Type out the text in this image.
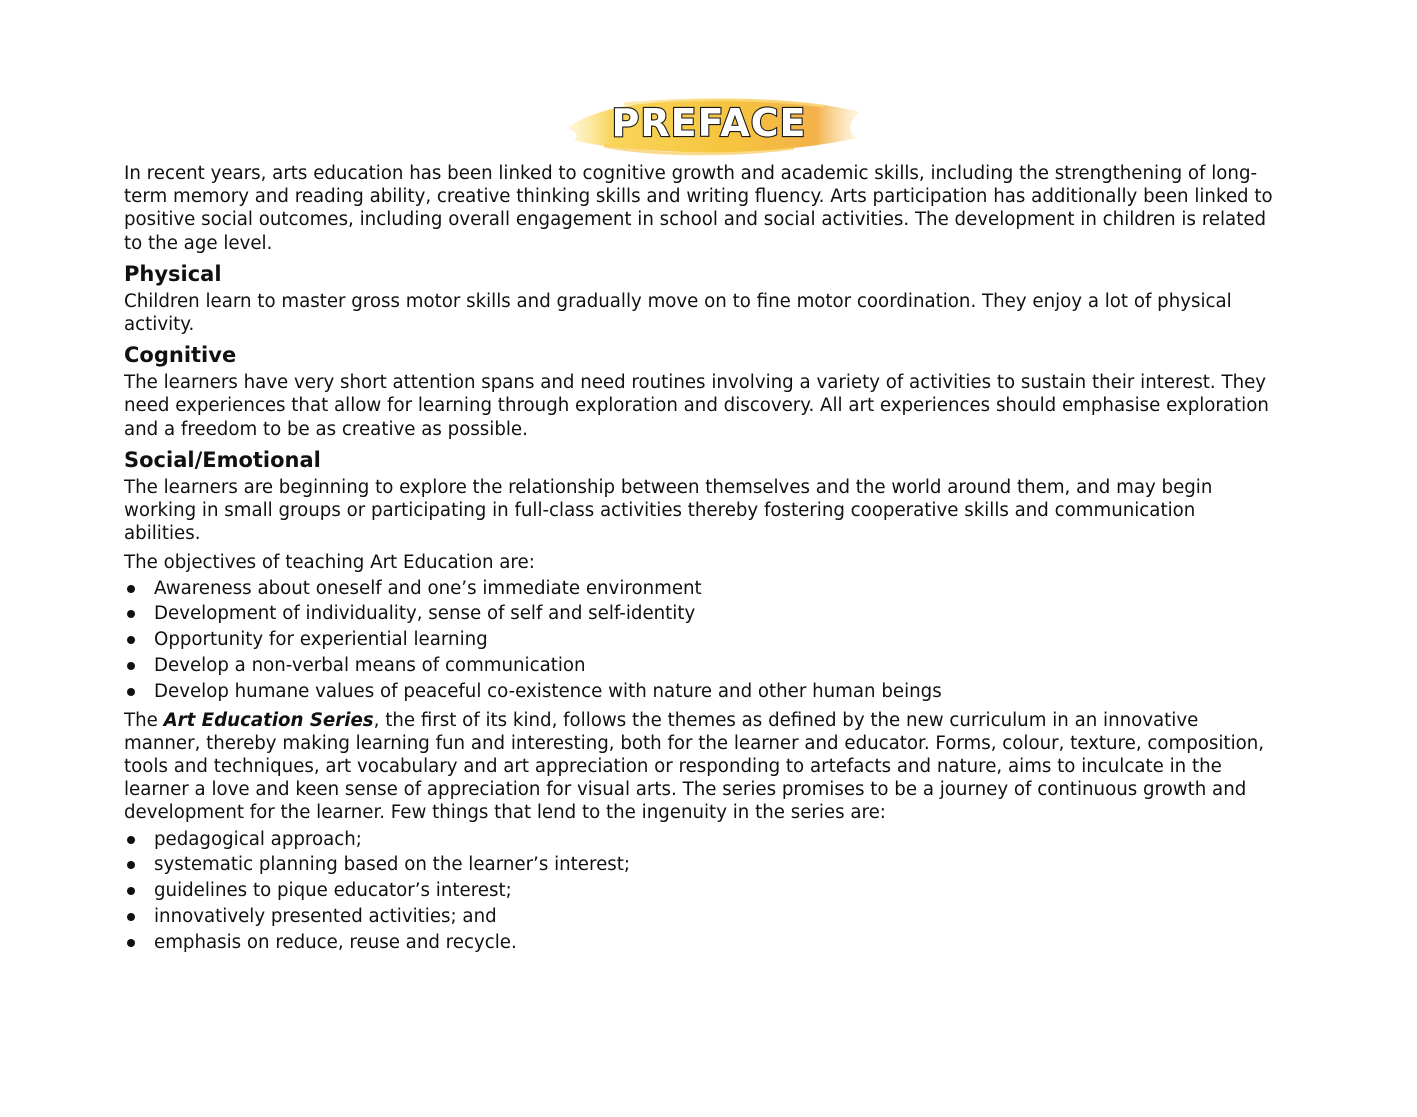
PREFACE

In recent years, arts education has been linked to cognitive growth and academic skills, including the strengthening of long-term memory and reading ability, creative thinking skills and writing fluency. Arts participation has additionally been linked to positive social outcomes, including overall engagement in school and social activities. The development in children is related to the age level.

Physical

Children learn to master gross motor skills and gradually move on to fine motor coordination. They enjoy a lot of physical activity.

Cognitive

The learners have very short attention spans and need routines involving a variety of activities to sustain their interest. They need experiences that allow for learning through exploration and discovery. All art experiences should emphasise exploration and a freedom to be as creative as possible.

Social/Emotional

The learners are beginning to explore the relationship between themselves and the world around them, and may begin working in small groups or participating in full-class activities thereby fostering cooperative skills and communication abilities.

The objectives of teaching Art Education are:

Awareness about oneself and one’s immediate environment
Development of individuality, sense of self and self-identity
Opportunity for experiential learning
Develop a non-verbal means of communication
Develop humane values of peaceful co-existence with nature and other human beings

The Art Education Series, the first of its kind, follows the themes as defined by the new curriculum in an innovative manner, thereby making learning fun and interesting, both for the learner and educator. Forms, colour, texture, composition, tools and techniques, art vocabulary and art appreciation or responding to artefacts and nature, aims to inculcate in the learner a love and keen sense of appreciation for visual arts. The series promises to be a journey of continuous growth and development for the learner. Few things that lend to the ingenuity in the series are:

pedagogical approach;
systematic planning based on the learner’s interest;
guidelines to pique educator’s interest;
innovatively presented activities; and
emphasis on reduce, reuse and recycle.
